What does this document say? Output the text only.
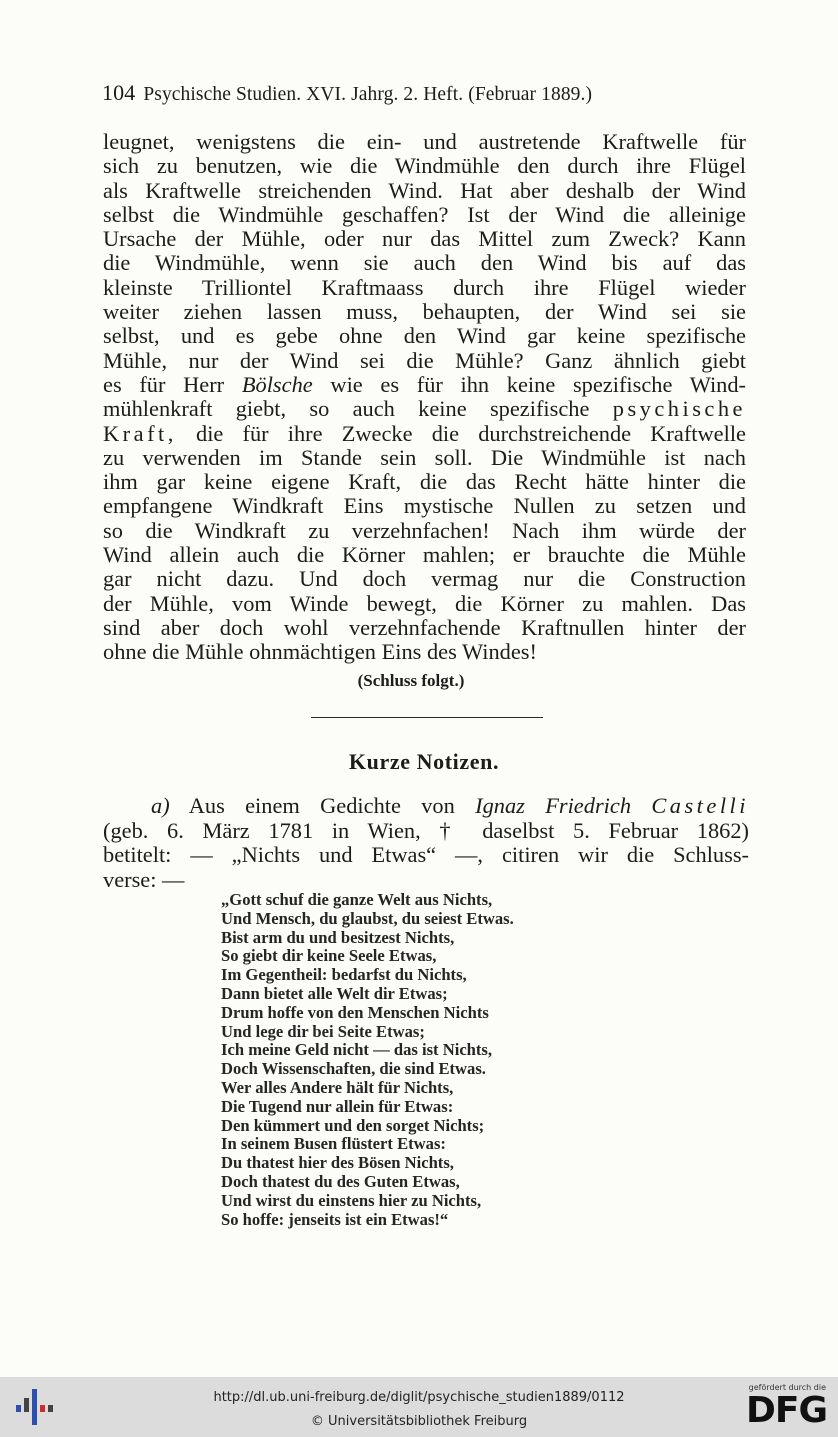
104 Psychische Studien. XVI. Jahrg. 2. Heft. (Februar 1889.)
leugnet, wenigstens die ein- und austretende Kraftwelle für
sich zu benutzen, wie die Windmühle den durch ihre Flügel
als Kraftwelle streichenden Wind. Hat aber deshalb der Wind
selbst die Windmühle geschaffen? Ist der Wind die alleinige
Ursache der Mühle, oder nur das Mittel zum Zweck? Kann
die Windmühle, wenn sie auch den Wind bis auf das
kleinste Trilliontel Kraftmaass durch ihre Flügel wieder
weiter ziehen lassen muss, behaupten, der Wind sei sie
selbst, und es gebe ohne den Wind gar keine spezifische
Mühle, nur der Wind sei die Mühle? Ganz ähnlich giebt
es für Herr Bölsche wie es für ihn keine spezifische Wind-
mühlenkraft giebt, so auch keine spezifische psychische
Kraft, die für ihre Zwecke die durchstreichende Kraftwelle
zu verwenden im Stande sein soll. Die Windmühle ist nach
ihm gar keine eigene Kraft, die das Recht hätte hinter die
empfangene Windkraft Eins mystische Nullen zu setzen und
so die Windkraft zu verzehnfachen! Nach ihm würde der
Wind allein auch die Körner mahlen; er brauchte die Mühle
gar nicht dazu. Und doch vermag nur die Construction
der Mühle, vom Winde bewegt, die Körner zu mahlen. Das
sind aber doch wohl verzehnfachende Kraftnullen hinter der
ohne die Mühle ohnmächtigen Eins des Windes!
(Schluss folgt.)
Kurze Notizen.
a) Aus einem Gedichte von Ignaz Friedrich Castelli
(geb. 6. März 1781 in Wien, † daselbst 5. Februar 1862)
betitelt: — „Nichts und Etwas“ —, citiren wir die Schluss-
verse: —
„Gott schuf die ganze Welt aus Nichts,
Und Mensch, du glaubst, du seiest Etwas.
Bist arm du und besitzest Nichts,
So giebt dir keine Seele Etwas,
Im Gegentheil: bedarfst du Nichts,
Dann bietet alle Welt dir Etwas;
Drum hoffe von den Menschen Nichts
Und lege dir bei Seite Etwas;
Ich meine Geld nicht — das ist Nichts,
Doch Wissenschaften, die sind Etwas.
Wer alles Andere hält für Nichts,
Die Tugend nur allein für Etwas:
Den kümmert und den sorget Nichts;
In seinem Busen flüstert Etwas:
Du thatest hier des Bösen Nichts,
Doch thatest du des Guten Etwas,
Und wirst du einstens hier zu Nichts,
So hoffe: jenseits ist ein Etwas!“
http://dl.ub.uni-freiburg.de/diglit/psychische_studien1889/0112
© Universitätsbibliothek Freiburg
gefördert durch die
DFG
